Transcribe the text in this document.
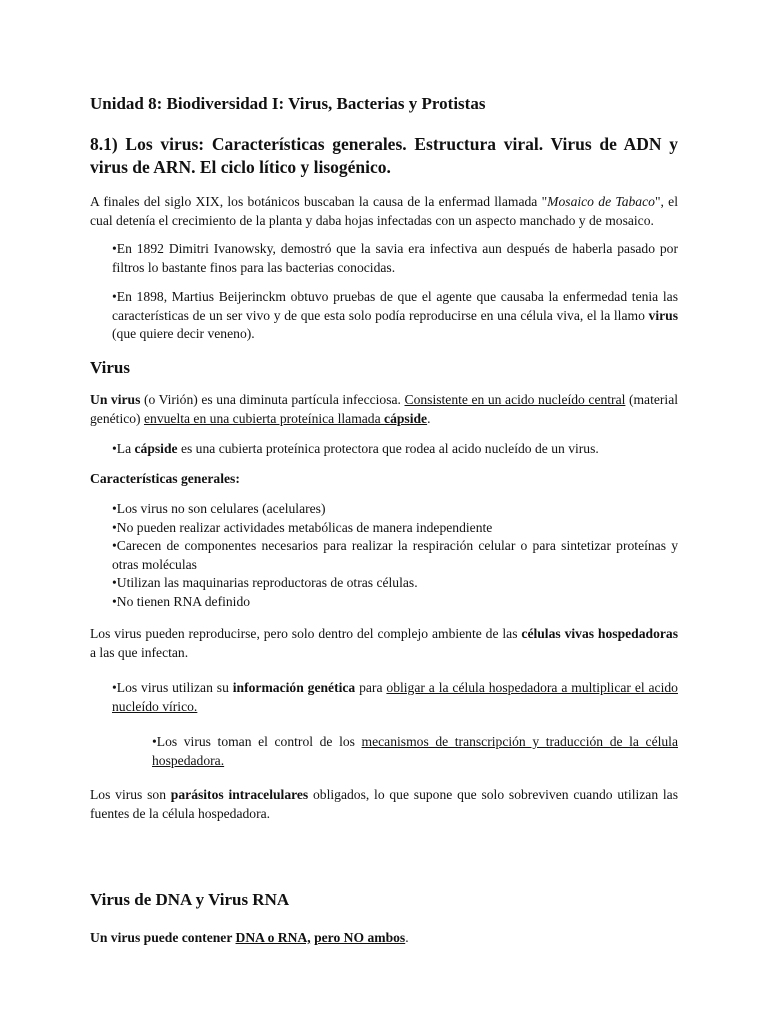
Unidad 8: Biodiversidad I: Virus, Bacterias y Protistas
8.1) Los virus: Características generales. Estructura viral. Virus de ADN y virus de ARN. El ciclo lítico y lisogénico.

A finales del siglo XIX, los botánicos buscaban la causa de la enfermad llamada "Mosaico de Tabaco", el cual detenía el crecimiento de la planta y daba hojas infectadas con un aspecto manchado y de mosaico.

•En 1892 Dimitri Ivanowsky, demostró que la savia era infectiva aun después de haberla pasado por filtros lo bastante finos para las bacterias conocidas.

•En 1898, Martius Beijerinckm obtuvo pruebas de que el agente que causaba la enfermedad tenia las características de un ser vivo y de que esta solo podía reproducirse en una célula viva, el la llamo virus (que quiere decir veneno).

Virus

Un virus (o Virión) es una diminuta partícula infecciosa. Consistente en un acido nucleído central (material genético) envuelta en una cubierta proteínica llamada cápside.

•La cápside es una cubierta proteínica protectora que rodea al acido nucleído de un virus.

Características generales:

•Los virus no son celulares (acelulares)
•No pueden realizar actividades metabólicas de manera independiente
•Carecen de componentes necesarios para realizar la respiración celular o para sintetizar proteínas y otras moléculas
•Utilizan las maquinarias reproductoras de otras células.
•No tienen RNA definido

Los virus pueden reproducirse, pero solo dentro del complejo ambiente de las células vivas hospedadoras a las que infectan.

•Los virus utilizan su información genética para obligar a la célula hospedadora a multiplicar el acido nucleído vírico.

•Los virus toman el control de los mecanismos de transcripción y traducción de la célula hospedadora.

Los virus son parásitos intracelulares obligados, lo que supone que solo sobreviven cuando utilizan las fuentes de la célula hospedadora.

Virus de DNA y Virus RNA

Un virus puede contener DNA o RNA, pero NO ambos.
